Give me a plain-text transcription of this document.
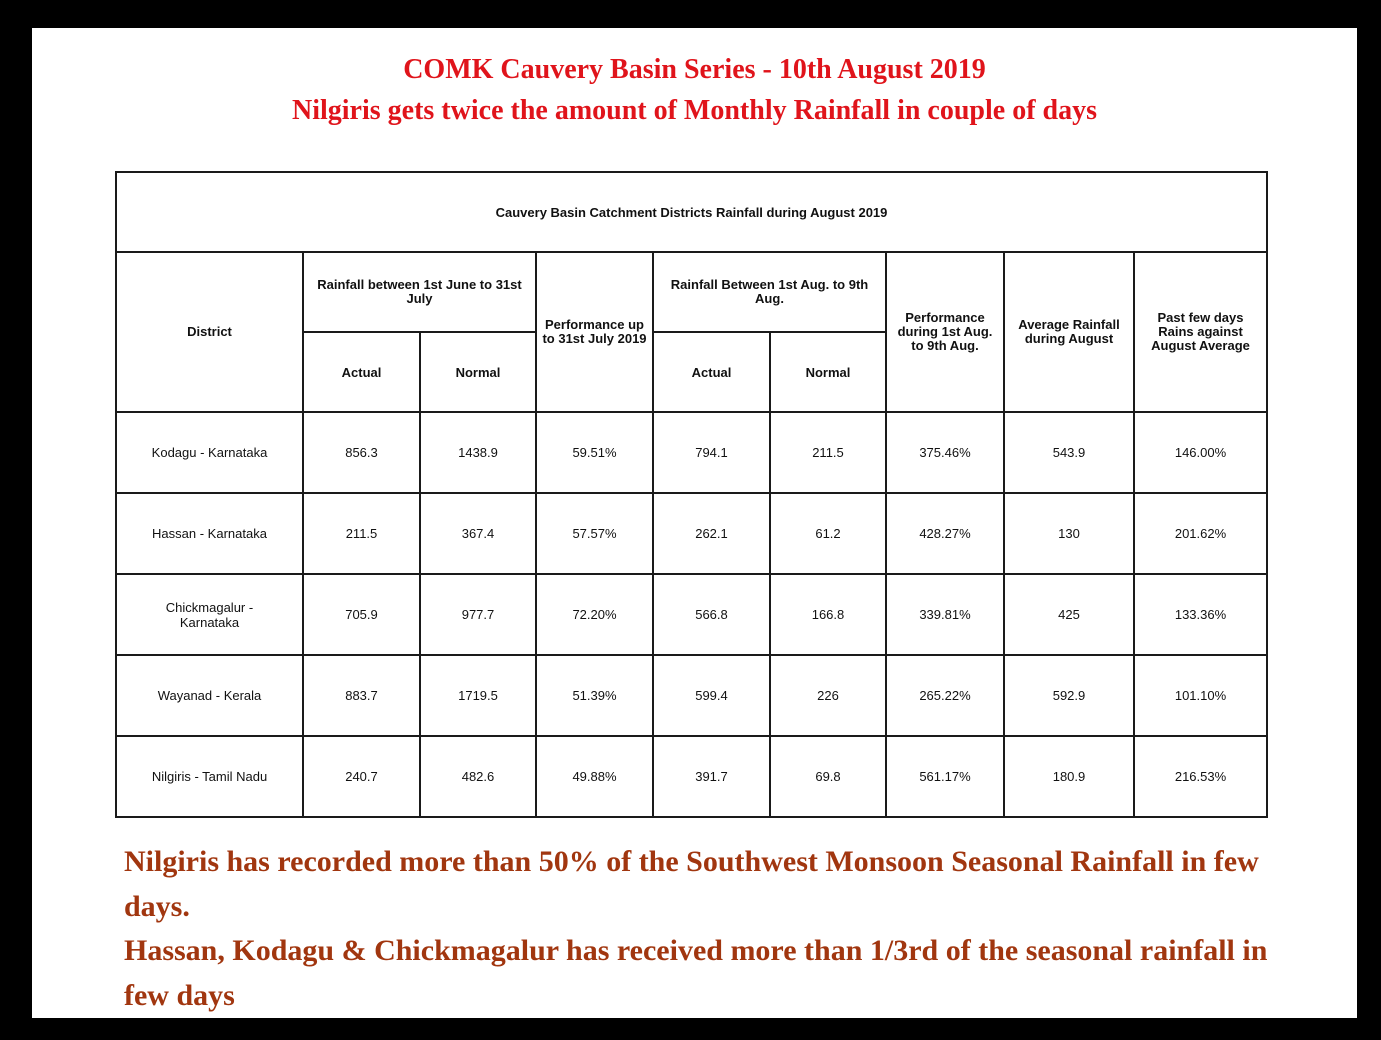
COMK Cauvery Basin Series - 10th August 2019
Nilgiris gets twice the amount of Monthly Rainfall in couple of days
Cauvery Basin Catchment Districts Rainfall during August 2019								
District	Rainfall between 1st June to 31st July		Performance up to 31st July 2019	Rainfall Between 1st Aug. to 9th Aug.		Performance during 1st Aug. to 9th Aug.	Average Rainfall during August	Past few days Rains against August Average
	Actual	Normal		Actual	Normal			
Kodagu - Karnataka	856.3	1438.9	59.51%	794.1	211.5	375.46%	543.9	146.00%
Hassan - Karnataka	211.5	367.4	57.57%	262.1	61.2	428.27%	130	201.62%
Chickmagalur - Karnataka	705.9	977.7	72.20%	566.8	166.8	339.81%	425	133.36%
Wayanad - Kerala	883.7	1719.5	51.39%	599.4	226	265.22%	592.9	101.10%
Nilgiris - Tamil Nadu	240.7	482.6	49.88%	391.7	69.8	561.17%	180.9	216.53%
Nilgiris has recorded more than 50% of the Southwest Monsoon Seasonal Rainfall in few days.
Hassan, Kodagu & Chickmagalur has received more than 1/3rd of the seasonal rainfall in few days
